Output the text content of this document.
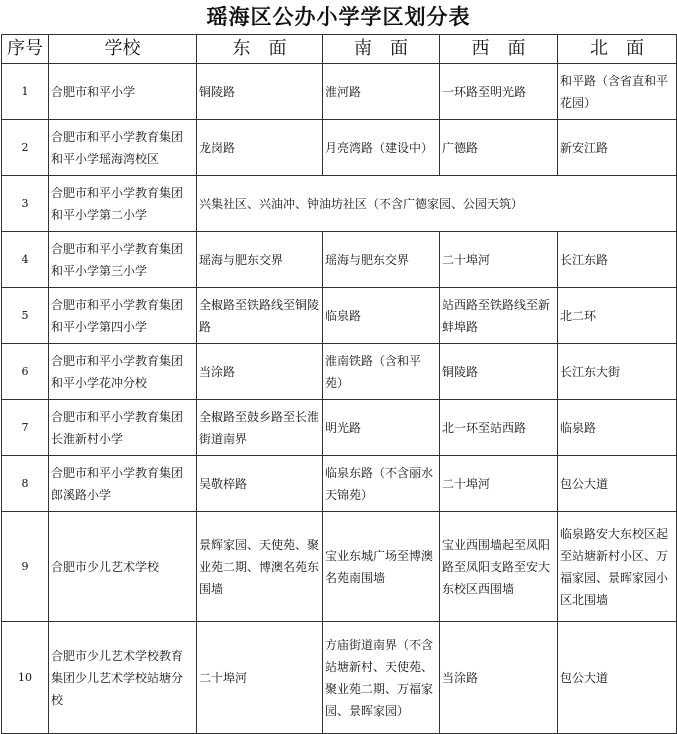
瑶海区公办小学学区划分表
序号	学校	东　面	南　面	西　面	北　面
1	合肥市和平小学	铜陵路	淮河路	一环路至明光路	和平路（含省直和平花园）
2	合肥市和平小学教育集团和平小学瑶海湾校区	龙岗路	月亮湾路（建设中）	广德路	新安江路
3	合肥市和平小学教育集团和平小学第二小学	兴集社区、兴油冲、钟油坊社区（不含广德家园、公园天筑）			
4	合肥市和平小学教育集团和平小学第三小学	瑶海与肥东交界	瑶海与肥东交界	二十埠河	长江东路
5	合肥市和平小学教育集团和平小学第四小学	全椒路至铁路线至铜陵路	临泉路	站西路至铁路线至新蚌埠路	北二环
6	合肥市和平小学教育集团和平小学花冲分校	当涂路	淮南铁路（含和平苑）	铜陵路	长江东大街
7	合肥市和平小学教育集团长淮新村小学	全椒路至鼓乡路至长淮街道南界	明光路	北一环至站西路	临泉路
8	合肥市和平小学教育集团郎溪路小学	吴敬梓路	临泉东路（不含丽水天锦苑）	二十埠河	包公大道
9	合肥市少儿艺术学校	景辉家园、天使苑、聚业苑二期、博澳名苑东围墙	宝业东城广场至博澳名苑南围墙	宝业西围墙起至凤阳路至凤阳支路至安大东校区西围墙	临泉路安大东校区起至站塘新村小区、万福家园、景晖家园小区北围墙
10	合肥市少儿艺术学校教育集团少儿艺术学校站塘分校	二十埠河	方庙街道南界（不含站塘新村、天使苑、聚业苑二期、万福家园、景晖家园）	当涂路	包公大道
